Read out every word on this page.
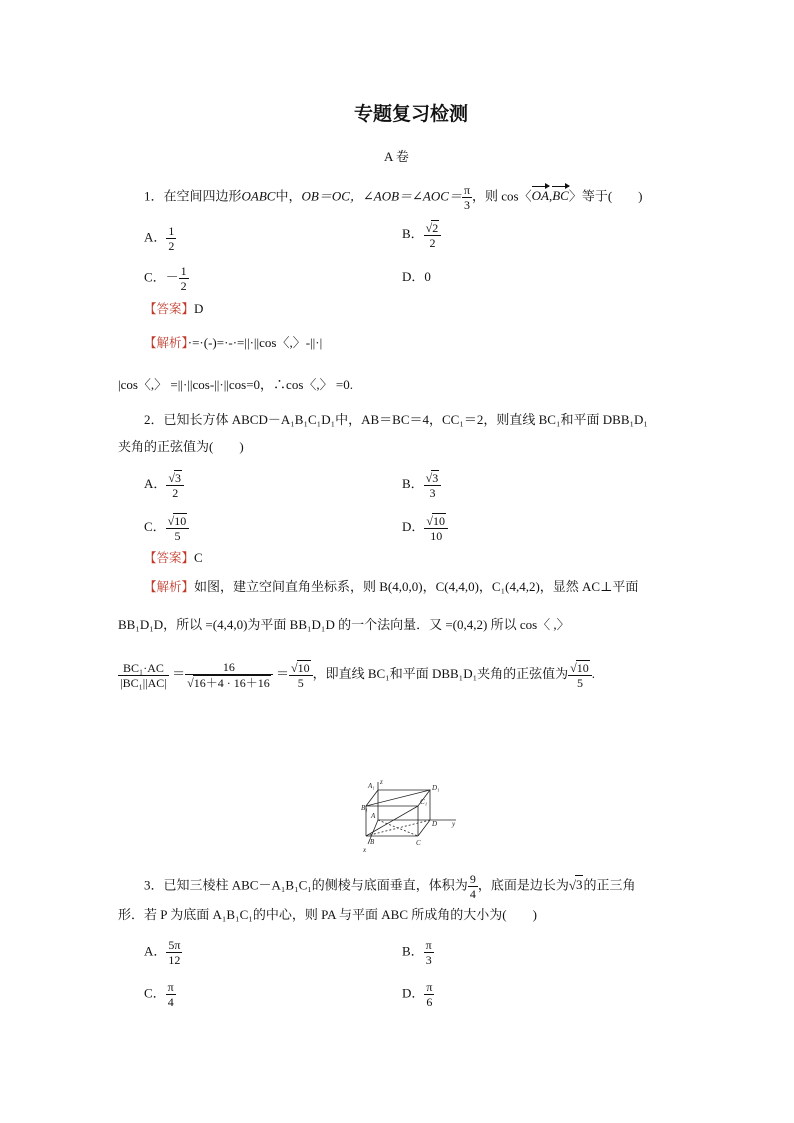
专题复习检测
A 卷
1．在空间四边形OABC中，OB＝OC，∠AOB＝∠AOC＝ $\frac{\pi}{3}$ ，则 cos〈OA,BC〉等于(　　)
A． $\frac{1}{2}$	B． $\frac{√2}{2}$
C．－ $\frac{1}{2}$	D．0
【答案】D
【解析】·=·(-)=·-·=||·||cos〈,〉-||·|
|cos〈,〉 =||·||cos-||·||cos=0，∴cos〈,〉 =0.
2．已知长方体 ABCD－A₁B₁C₁D₁中，AB＝BC＝4，CC₁＝2，则直线 BC₁和平面 DBB₁D₁
夹角的正弦值为(　　)
A． $\frac{√3}{2}$	B． $\frac{√3}{3}$
C． $\frac{√10}{5}$	D． $\frac{√10}{10}$
【答案】C
【解析】如图，建立空间直角坐标系，则 B(4,0,0)，C(4,4,0)，C₁(4,4,2)，显然 AC⊥平面
BB₁D₁D，所以 =(4,4,0)为平面 BB₁D₁D 的一个法向量．又 =(0,4,2) 所以 cos〈 ,〉
$\frac{\text{BC₁·AC}}{\text{|BC₁||AC|}} = \frac{16}{√16+4 \cdot 16+16} = \frac{√10}{5}$ ，即直线 BC₁和平面 DBB₁D₁夹角的正弦值为 $\frac{√10}{5}$ .
A₁ z
D₁
B₁
C₁
A
D y
B	C
x
3．已知三棱柱 ABC－A₁B₁C₁的侧棱与底面垂直，体积为 $\frac{9}{4}$ ，底面是边长为√3的正三角
形．若 P 为底面 A₁B₁C₁的中心，则 PA 与平面 ABC 所成角的大小为(　　)
A． $\frac{5\pi}{12}$	B． $\frac{\pi}{3}$
C． $\frac{\pi}{4}$	D． $\frac{\pi}{6}$
